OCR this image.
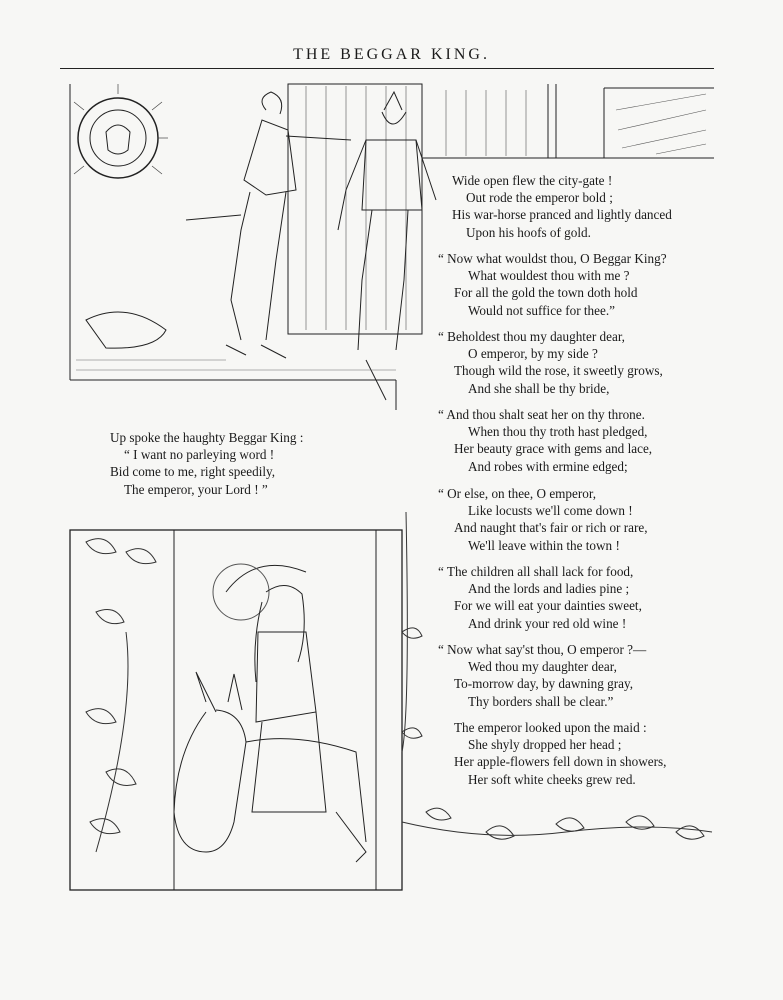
THE BEGGAR KING.
Up spoke the haughty Beggar King :
“ I want no parleying word !
Bid come to me, right speedily,
The emperor, your Lord ! ”
Wide open flew the city-gate !
Out rode the emperor bold ;
His war-horse pranced and lightly danced
Upon his hoofs of gold.
“ Now what wouldst thou, O Beggar King?
What wouldest thou with me ?
For all the gold the town doth hold
Would not suffice for thee.”
“ Beholdest thou my daughter dear,
O emperor, by my side ?
Though wild the rose, it sweetly grows,
And she shall be thy bride,
“ And thou shalt seat her on thy throne.
When thou thy troth hast pledged,
Her beauty grace with gems and lace,
And robes with ermine edged;
“ Or else, on thee, O emperor,
Like locusts we'll come down !
And naught that's fair or rich or rare,
We'll leave within the town !
“ The children all shall lack for food,
And the lords and ladies pine ;
For we will eat your dainties sweet,
And drink your red old wine !
“ Now what say'st thou, O emperor ?—
Wed thou my daughter dear,
To-morrow day, by dawning gray,
Thy borders shall be clear.”
The emperor looked upon the maid :
She shyly dropped her head ;
Her apple-flowers fell down in showers,
Her soft white cheeks grew red.
